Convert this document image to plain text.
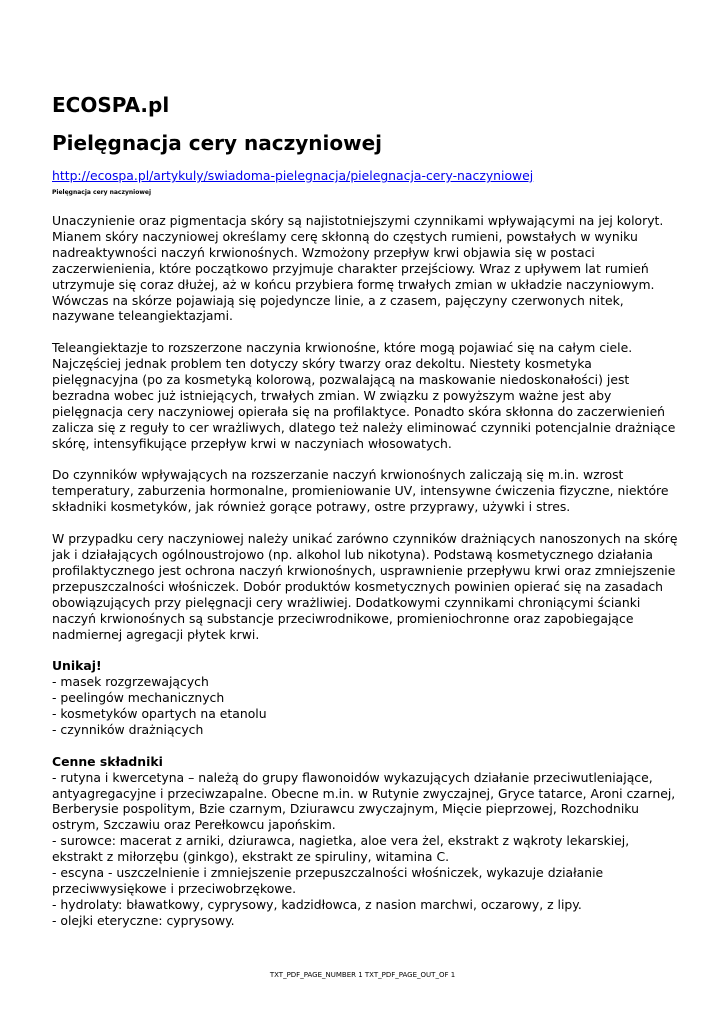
ECOSPA.pl
Pielęgnacja cery naczyniowej
http://ecospa.pl/artykuly/swiadoma-pielegnacja/pielegnacja-cery-naczyniowej
Pielęgnacja cery naczyniowej

Unaczynienie oraz pigmentacja skóry są najistotniejszymi czynnikami wpływającymi na jej koloryt. Mianem skóry naczyniowej określamy cerę skłonną do częstych rumieni, powstałych w wyniku nadreaktywności naczyń krwionośnych. Wzmożony przepływ krwi objawia się w postaci zaczerwienienia, które początkowo przyjmuje charakter przejściowy. Wraz z upływem lat rumień utrzymuje się coraz dłużej, aż w końcu przybiera formę trwałych zmian w układzie naczyniowym. Wówczas na skórze pojawiają się pojedyncze linie, a z czasem, pajęczyny czerwonych nitek, nazywane teleangiektazjami.

Teleangiektazje to rozszerzone naczynia krwionośne, które mogą pojawiać się na całym ciele. Najczęściej jednak problem ten dotyczy skóry twarzy oraz dekoltu. Niestety kosmetyka pielęgnacyjna (po za kosmetyką kolorową, pozwalającą na maskowanie niedoskonałości) jest bezradna wobec już istniejących, trwałych zmian. W związku z powyższym ważne jest aby pielęgnacja cery naczyniowej opierała się na profilaktyce. Ponadto skóra skłonna do zaczerwienień zalicza się z reguły to cer wrażliwych, dlatego też należy eliminować czynniki potencjalnie drażniące skórę, intensyfikujące przepływ krwi w naczyniach włosowatych.

Do czynników wpływających na rozszerzanie naczyń krwionośnych zaliczają się m.in. wzrost temperatury, zaburzenia hormonalne, promieniowanie UV, intensywne ćwiczenia fizyczne, niektóre składniki kosmetyków, jak również gorące potrawy, ostre przyprawy, używki i stres.

W przypadku cery naczyniowej należy unikać zarówno czynników drażniących nanoszonych na skórę jak i działających ogólnoustrojowo (np. alkohol lub nikotyna). Podstawą kosmetycznego działania profilaktycznego jest ochrona naczyń krwionośnych, usprawnienie przepływu krwi oraz zmniejszenie przepuszczalności włośniczek. Dobór produktów kosmetycznych powinien opierać się na zasadach obowiązujących przy pielęgnacji cery wrażliwiej. Dodatkowymi czynnikami chroniącymi ścianki naczyń krwionośnych są substancje przeciwrodnikowe, promieniochronne oraz zapobiegające nadmiernej agregacji płytek krwi.

Unikaj!

- masek rozgrzewających

- peelingów mechanicznych

- kosmetyków opartych na etanolu

- czynników drażniących

Cenne składniki

- rutyna i kwercetyna – należą do grupy flawonoidów wykazujących działanie przeciwutleniające, antyagregacyjne i przeciwzapalne. Obecne m.in. w Rutynie zwyczajnej, Gryce tatarce, Aroni czarnej, Berberysie pospolitym, Bzie czarnym, Dziurawcu zwyczajnym, Mięcie pieprzowej, Rozchodniku ostrym, Szczawiu oraz Perełkowcu japońskim.

- surowce: macerat z arniki, dziurawca, nagietka, aloe vera żel, ekstrakt z wąkroty lekarskiej, ekstrakt z miłorzębu (ginkgo), ekstrakt ze spiruliny, witamina C.

- escyna - uszczelnienie i zmniejszenie przepuszczalności włośniczek, wykazuje działanie przeciwwysiękowe i przeciwobrzękowe.

- hydrolaty: bławatkowy, cyprysowy, kadzidłowca, z nasion marchwi, oczarowy, z lipy.

- olejki eteryczne: cyprysowy.

TXT_PDF_PAGE_NUMBER 1 TXT_PDF_PAGE_OUT_OF 1
